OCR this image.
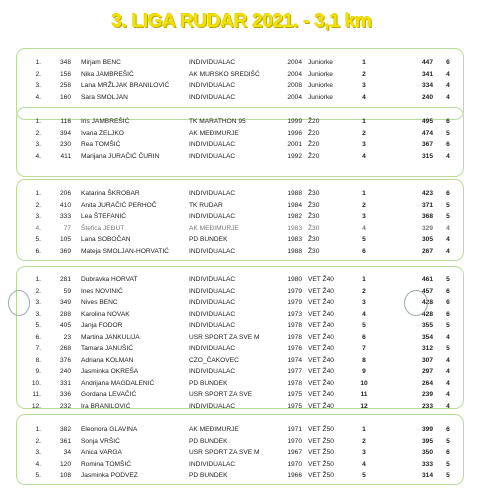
3. LIGA RUDAR 2021. - 3,1 km
1.	348 Mirjam BENC	INDIVIDUALAC	2004 Juniorke	1	447	6
2.	156 Nika JAMBREŠIĆ	AK MURSKO SREDIŠĆ	2004 Juniorke	2	341	4
3.	258 Lana MRŽLJAK BRANILOVIĆ	INDIVIDUALAC	2008 Juniorke	3	334	4
4.	160 Sara SMOLJAN	INDIVIDUALAC	2004 Juniorke	4	240	4
1.	116 Iris JAMBREŠIĆ	TK MARATHON 95	1999 Ž20	1	495	6
2.	394 Ivana ZELJKO	AK MEĐIMURJE	1996 Ž20	2	474	5
3.	230 Rea TOMŠIĆ	INDIVIDUALAC	2001 Ž20	3	367	6
4.	411 Marijana JURAČIĆ ČURIN	INDIVIDUALAC	1992 Ž20	4	315	4
1.	206 Katarina ŠKROBAR	INDIVIDUALAC	1988 Ž30	1	423	6
2.	410 Anita JURAČIĆ PERHOČ	TK RUDAR	1984 Ž30	2	371	5
3.	333 Lea ŠTEFANIĆ	INDIVIDUALAC	1982 Ž30	3	368	5
4.	77 Štefica JEĐUT	AK MEĐIMURJE	1983 Ž30	4	329	4
5.	105 Lana SOBOČAN	PD BUNDEK	1983 Ž30	5	305	4
6.	369 Mateja SMOLJAN-HORVATIĆ	INDIVIDUALAC	1988 Ž30	6	267	4
1.	281 Dubravka HORVAT	INDIVIDUALAC	1980 VET Ž40	1	461	5
2.	59 Ines NOVINIĆ	INDIVIDUALAC	1979 VET Ž40	2	457	6
3.	349 Nives BENC	INDIVIDUALAC	1979 VET Ž40	3	428	6
3.	288 Karolina NOVAK	INDIVIDUALAC	1973 VET Ž40	4	428	6
5.	405 Janja FODOR	INDIVIDUALAC	1978 VET Ž40	5	355	5
6.	23 Martina JANKULIJA	USR SPORT ZA SVE M	1978 VET Ž40	6	354	4
7.	268 Tamara JANUŠIĆ	INDIVIDUALAC	1976 VET Ž40	7	312	5
8.	376 Adriana KOLMAN	CZO_ČAKOVEC	1974 VET Ž40	8	307	4
9.	240 Jasminka OKREŠA	INDIVIDUALAC	1977 VET Ž40	9	297	4
10.	331 Andrijana MAGDALENIĆ	PD BUNDEK	1978 VET Ž40	10	264	4
11.	336 Gordana LEVAČIĆ	USR SPORT ZA SVE	1975 VET Ž40	11	239	4
12.	232 Ira BRANILOVIĆ	INDIVIDUALAC	1975 VET Ž40	12	233	4
1.	382 Eleonora GLAVINA	AK MEĐIMURJE	1971 VET Ž50	1	399	6
2.	361 Sonja VRŠIĆ	PD BUNDEK	1970 VET Ž50	2	395	5
3.	34 Anica VARGA	USR SPORT ZA SVE M	1967 VET Ž50	3	350	6
4.	120 Romina TOMŠIĆ	INDIVIDUALAC	1970 VET Ž50	4	333	5
5.	108 Jasminka PODVEZ	PD BUNDEK	1966 VET Ž50	5	314	5
